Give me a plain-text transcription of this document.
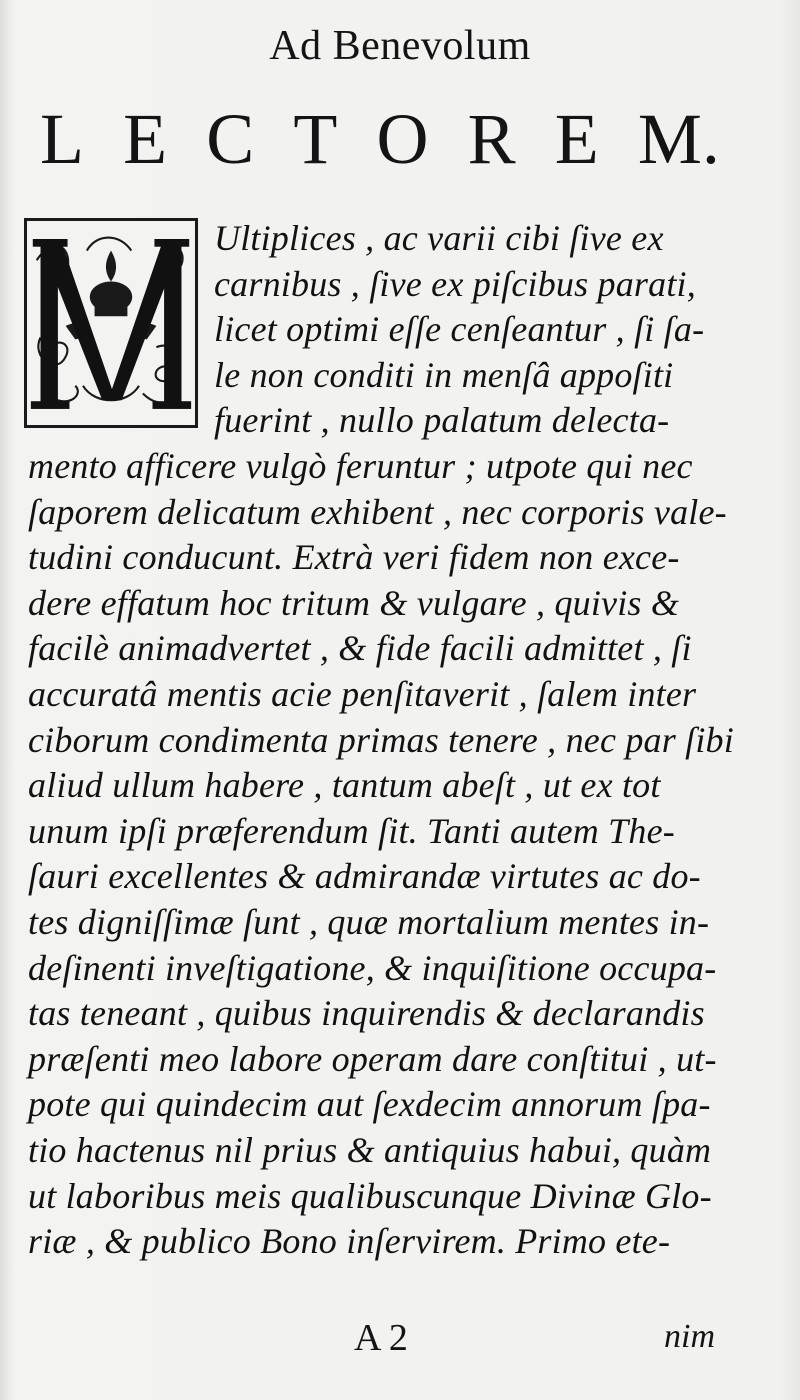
Ad Benevolum
L E C T O R E M.
Ultiplices , ac varii cibi ſive ex
carnibus , ſive ex piſcibus parati,
licet optimi eſſe cenſeantur , ſi ſa-
le non conditi in menſâ appoſiti
fuerint , nullo palatum delecta-
mento afficere vulgò feruntur ; utpote qui nec
ſaporem delicatum exhibent , nec corporis vale-
tudini conducunt. Extrà veri fidem non exce-
dere effatum hoc tritum & vulgare , quivis &
facilè animadvertet , & fide facili admittet , ſi
accuratâ mentis acie penſitaverit , ſalem inter
ciborum condimenta primas tenere , nec par ſibi
aliud ullum habere , tantum abeſt , ut ex tot
unum ipſi præferendum ſit. Tanti autem The-
ſauri excellentes & admirandæ virtutes ac do-
tes digniſſimæ ſunt , quæ mortalium mentes in-
deſinenti inveſtigatione, & inquiſitione occupa-
tas teneant , quibus inquirendis & declarandis
præſenti meo labore operam dare conſtitui , ut-
pote qui quindecim aut ſexdecim annorum ſpa-
tio hactenus nil prius & antiquius habui, quàm
ut laboribus meis qualibuscunque Divinæ Glo-
riæ , & publico Bono inſervirem. Primo ete-
A 2	nim
